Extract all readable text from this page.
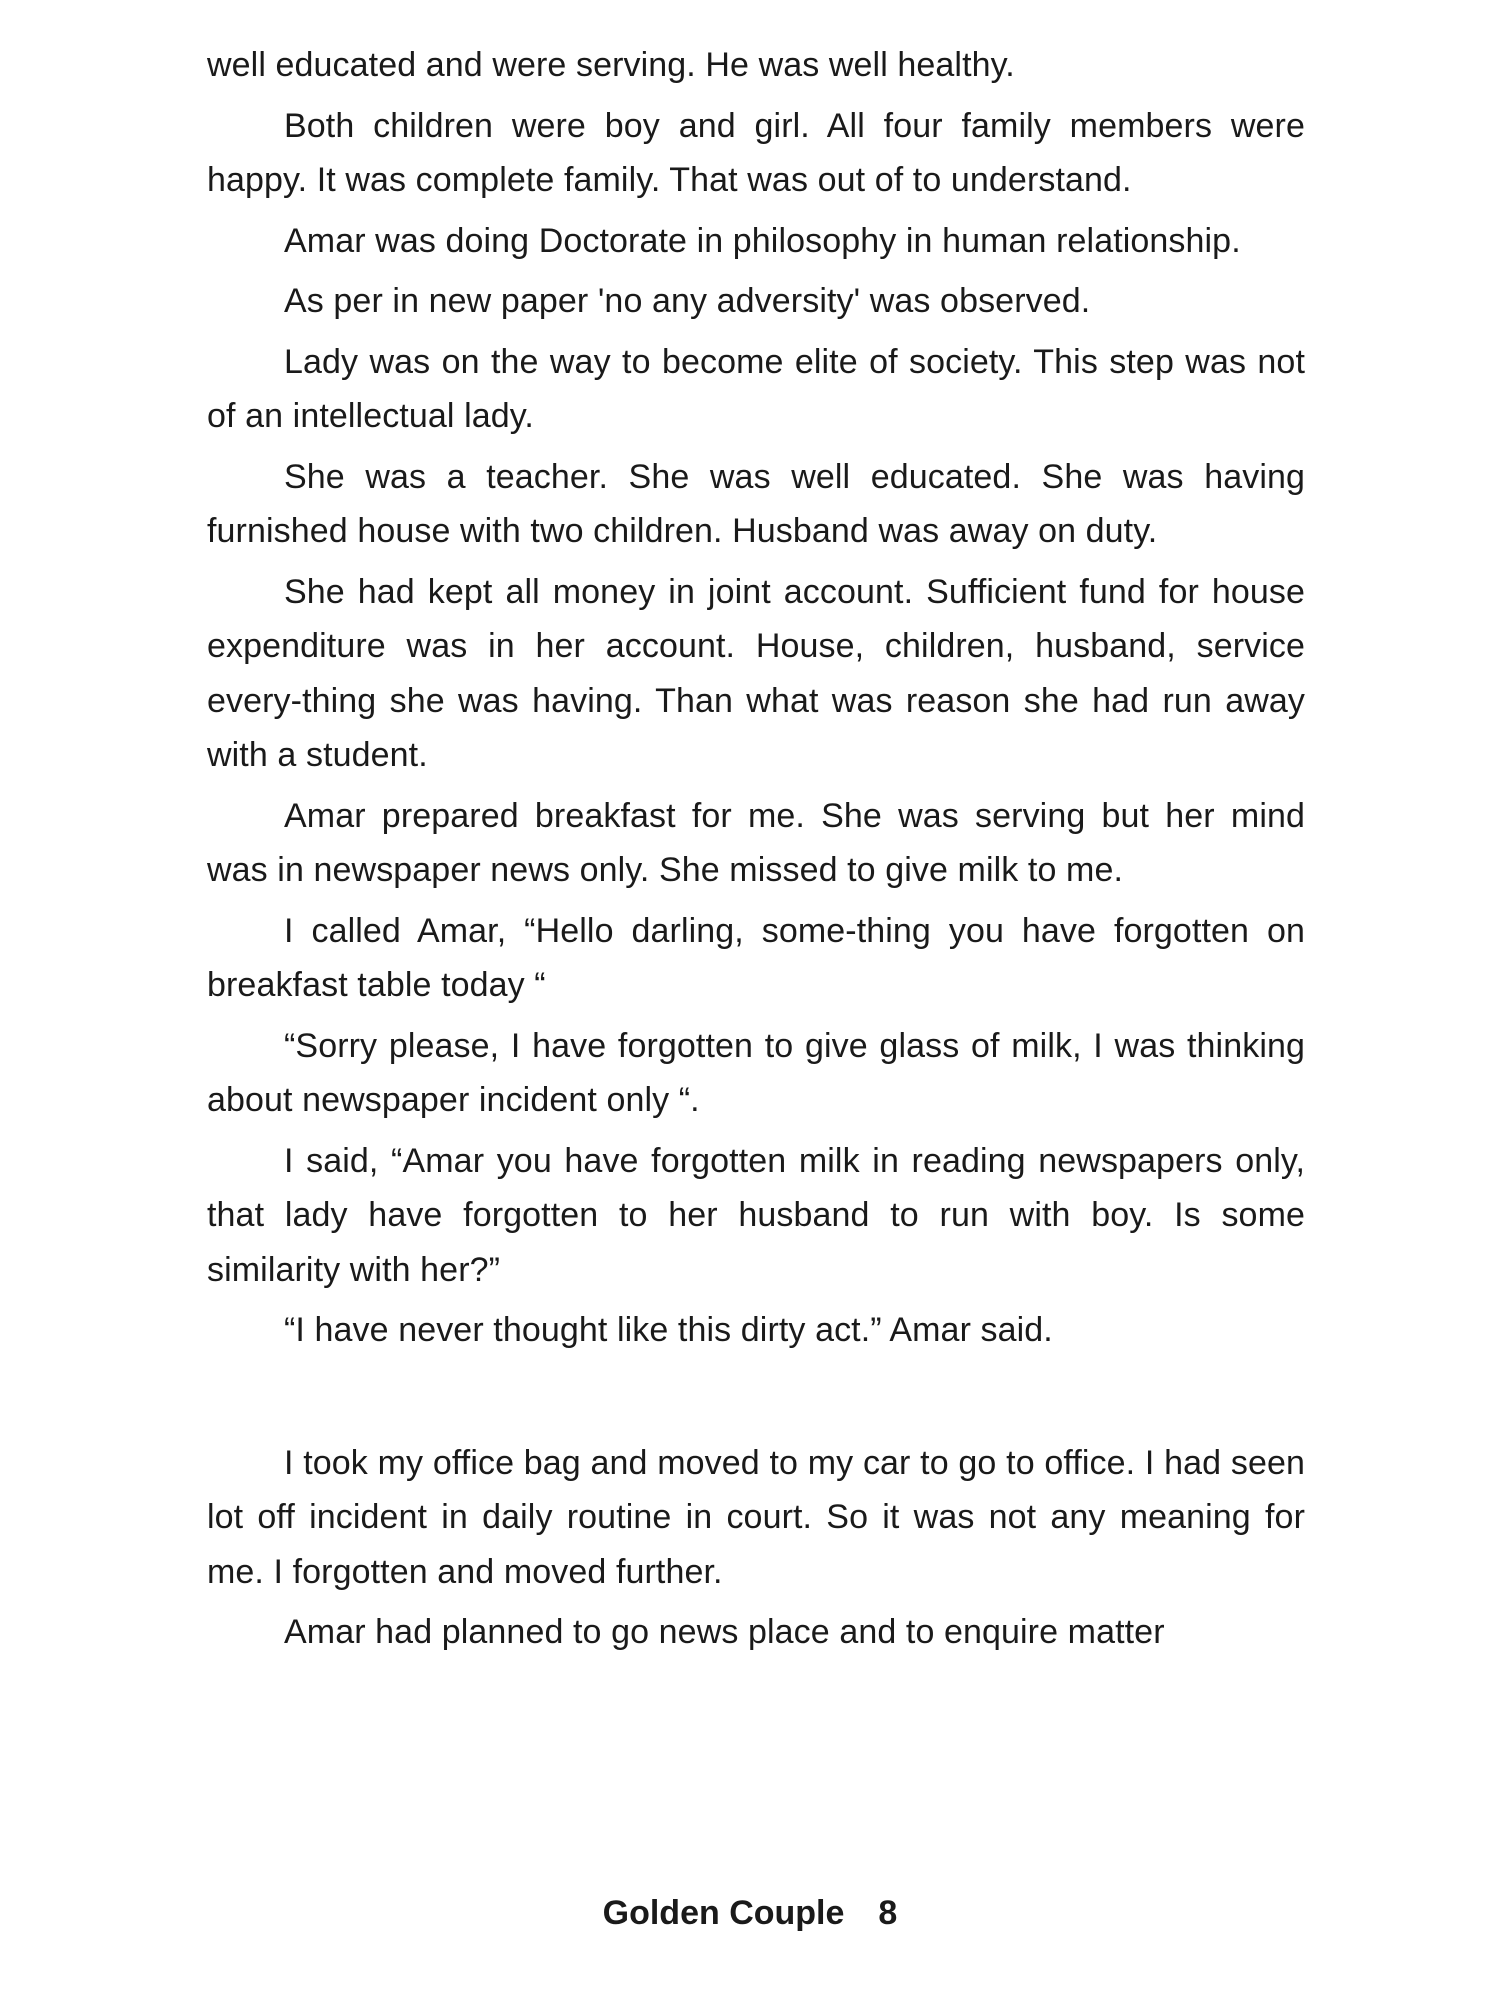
well educated and were serving. He was well healthy.

Both children were boy and girl. All four family members were happy. It was complete family. That was out of to understand.

Amar was doing Doctorate in philosophy in human relationship.

As per in new paper 'no any adversity' was observed.

Lady was on the way to become elite of society. This step was not of an intellectual lady.

She was a teacher. She was well educated. She was having furnished house with two children. Husband was away on duty.

She had kept all money in joint account. Sufficient fund for house expenditure was in her account. House, children, husband, service every-thing she was having. Than what was reason she had run away with a student.

Amar prepared breakfast for me. She was serving but her mind was in newspaper news only. She missed to give milk to me.

I called Amar, “Hello darling, some-thing you have forgotten on breakfast table today “

“Sorry please, I have forgotten to give glass of milk, I was thinking about newspaper incident only “.

I said, “Amar you have forgotten milk in reading newspapers only, that lady have forgotten to her husband to run with boy. Is some similarity with her?”

“I have never thought like this dirty act.” Amar said.

I took my office bag and moved to my car to go to office. I had seen lot off incident in daily routine in court. So it was not any meaning for me. I forgotten and moved further.

Amar had planned to go news place and to enquire matter

Golden Couple 8
